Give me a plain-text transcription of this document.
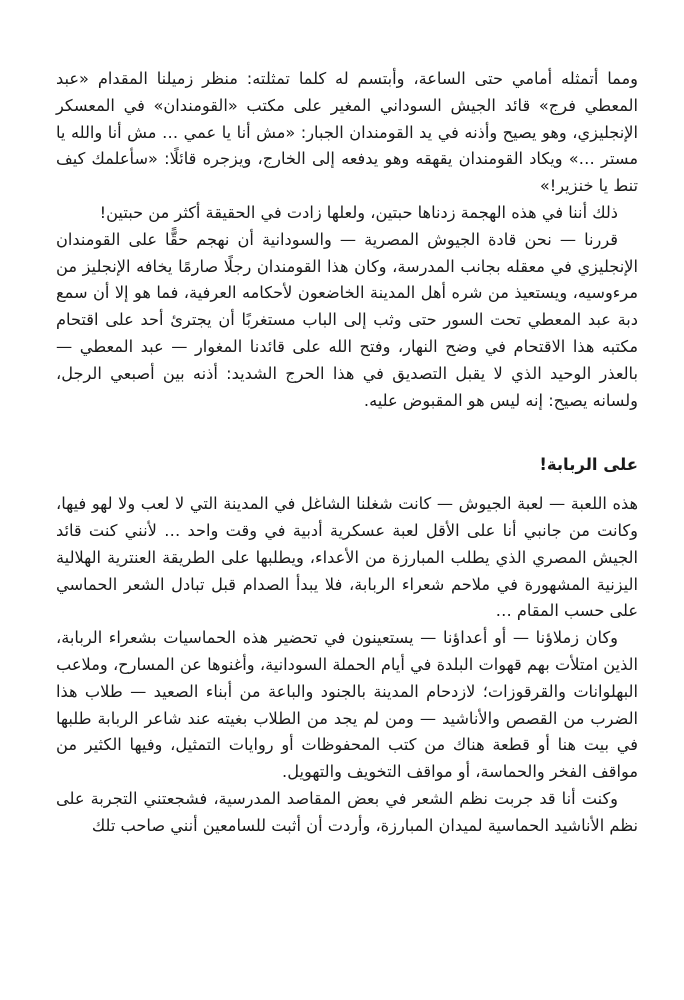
ومما أتمثله أمامي حتى الساعة، وأبتسم له كلما تمثلته: منظر زميلنا المقدام «عبد المعطي فرج» قائد الجيش السوداني المغير على مكتب «القومندان» في المعسكر الإنجليزي، وهو يصيح وأذنه في يد القومندان الجبار: «مش أنا يا عمي … مش أنا والله يا مستر …» ويكاد القومندان يقهقه وهو يدفعه إلى الخارج، ويزجره قائلًا: «سأعلمك كيف تنط يا خنزير!»

ذلك أننا في هذه الهجمة زدناها حبتين، ولعلها زادت في الحقيقة أكثر من حبتين!

قررنا — نحن قادة الجيوش المصرية — والسودانية أن نهجم حقًّا على القومندان الإنجليزي في معقله بجانب المدرسة، وكان هذا القومندان رجلًا صارمًا يخافه الإنجليز من مرءوسيه، ويستعيذ من شره أهل المدينة الخاضعون لأحكامه العرفية، فما هو إلا أن سمع دبة عبد المعطي تحت السور حتى وثب إلى الباب مستغربًا أن يجترئ أحد على اقتحام مكتبه هذا الاقتحام في وضح النهار، وفتح الله على قائدنا المغوار — عبد المعطي — بالعذر الوحيد الذي لا يقبل التصديق في هذا الحرج الشديد: أذنه بين أصبعي الرجل، ولسانه يصيح: إنه ليس هو المقبوض عليه.

على الربابة!

هذه اللعبة — لعبة الجيوش — كانت شغلنا الشاغل في المدينة التي لا لعب ولا لهو فيها، وكانت من جانبي أنا على الأقل لعبة عسكرية أدبية في وقت واحد … لأنني كنت قائد الجيش المصري الذي يطلب المبارزة من الأعداء، ويطلبها على الطريقة العنترية الهلالية اليزنية المشهورة في ملاحم شعراء الربابة، فلا يبدأ الصدام قبل تبادل الشعر الحماسي على حسب المقام …

وكان زملاؤنا — أو أعداؤنا — يستعينون في تحضير هذه الحماسيات بشعراء الربابة، الذين امتلأت بهم قهوات البلدة في أيام الحملة السودانية، وأغنوها عن المسارح، وملاعب البهلوانات والقرقوزات؛ لازدحام المدينة بالجنود والباعة من أبناء الصعيد — طلاب هذا الضرب من القصص والأناشيد — ومن لم يجد من الطلاب بغيته عند شاعر الربابة طلبها في بيت هنا أو قطعة هناك من كتب المحفوظات أو روايات التمثيل، وفيها الكثير من مواقف الفخر والحماسة، أو مواقف التخويف والتهويل.

وكنت أنا قد جربت نظم الشعر في بعض المقاصد المدرسية، فشجعتني التجربة على نظم الأناشيد الحماسية لميدان المبارزة، وأردت أن أثبت للسامعين أنني صاحب تلك
